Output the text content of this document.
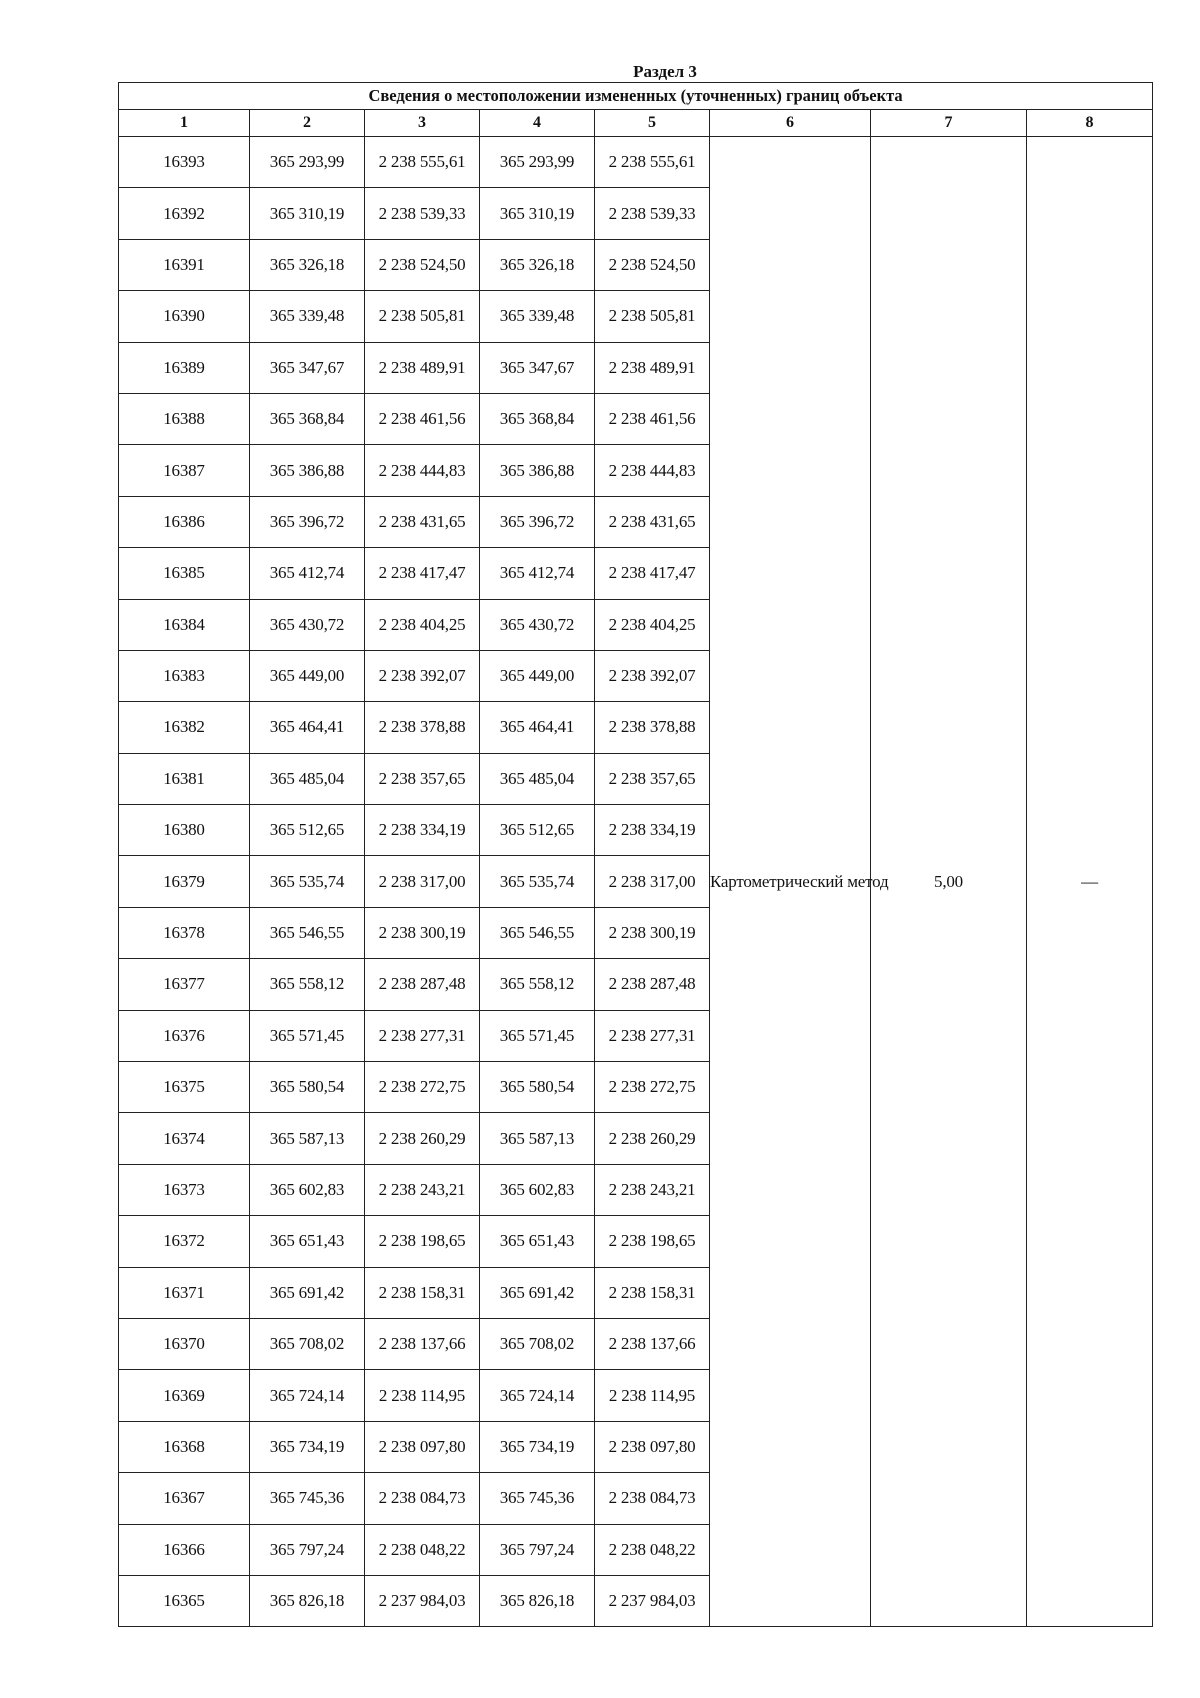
Раздел 3
Сведения о местоположении измененных (уточненных) границ объекта							
1	2	3	4	5	6	7	8
16393	365 293,99	2 238 555,61	365 293,99	2 238 555,61	Картометрический метод	5,00	—
16392	365 310,19	2 238 539,33	365 310,19	2 238 539,33			
16391	365 326,18	2 238 524,50	365 326,18	2 238 524,50			
16390	365 339,48	2 238 505,81	365 339,48	2 238 505,81			
16389	365 347,67	2 238 489,91	365 347,67	2 238 489,91			
16388	365 368,84	2 238 461,56	365 368,84	2 238 461,56			
16387	365 386,88	2 238 444,83	365 386,88	2 238 444,83			
16386	365 396,72	2 238 431,65	365 396,72	2 238 431,65			
16385	365 412,74	2 238 417,47	365 412,74	2 238 417,47			
16384	365 430,72	2 238 404,25	365 430,72	2 238 404,25			
16383	365 449,00	2 238 392,07	365 449,00	2 238 392,07			
16382	365 464,41	2 238 378,88	365 464,41	2 238 378,88			
16381	365 485,04	2 238 357,65	365 485,04	2 238 357,65			
16380	365 512,65	2 238 334,19	365 512,65	2 238 334,19			
16379	365 535,74	2 238 317,00	365 535,74	2 238 317,00			
16378	365 546,55	2 238 300,19	365 546,55	2 238 300,19			
16377	365 558,12	2 238 287,48	365 558,12	2 238 287,48			
16376	365 571,45	2 238 277,31	365 571,45	2 238 277,31			
16375	365 580,54	2 238 272,75	365 580,54	2 238 272,75			
16374	365 587,13	2 238 260,29	365 587,13	2 238 260,29			
16373	365 602,83	2 238 243,21	365 602,83	2 238 243,21			
16372	365 651,43	2 238 198,65	365 651,43	2 238 198,65			
16371	365 691,42	2 238 158,31	365 691,42	2 238 158,31			
16370	365 708,02	2 238 137,66	365 708,02	2 238 137,66			
16369	365 724,14	2 238 114,95	365 724,14	2 238 114,95			
16368	365 734,19	2 238 097,80	365 734,19	2 238 097,80			
16367	365 745,36	2 238 084,73	365 745,36	2 238 084,73			
16366	365 797,24	2 238 048,22	365 797,24	2 238 048,22			
16365	365 826,18	2 237 984,03	365 826,18	2 237 984,03			
